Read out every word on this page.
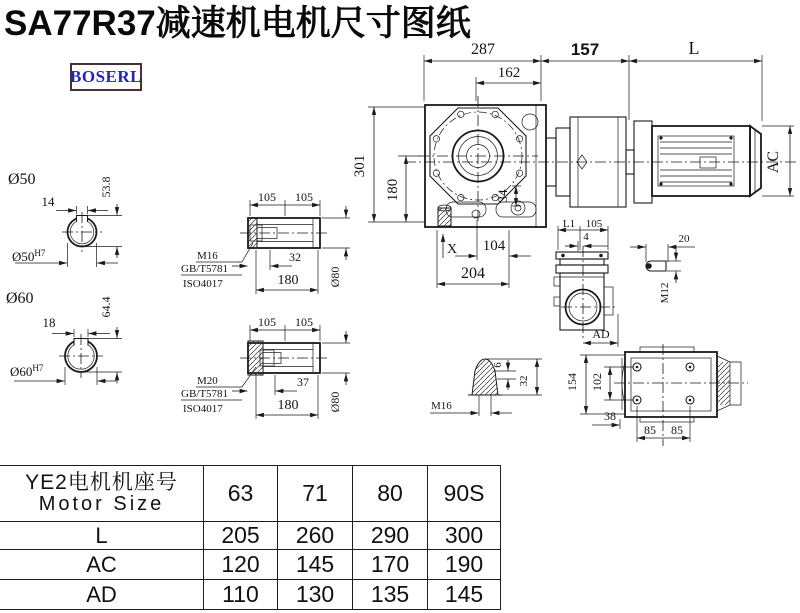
SA77R37减速机电机尺寸图纸
BOSERL
287
162
157	L
301
180	34
X 104
204
AC
Ø50
14
53.8
$Ø50^{H7}$
Ø60
18
64.4
$Ø60^{H7}$
105 105
M16
GB/T5781
ISO4017
32
180 Ø80
105 105
M20
GB/T5781
ISO4017
37
180 Ø80
L1 105
4
AD
20
M12
M16
6
32	154 102
38
85 85
YE2电机机座号
Motor Size	63	71	80	90S
L	205	260	290	300
AC	120	145	170	190
AD	110	130	135	145
